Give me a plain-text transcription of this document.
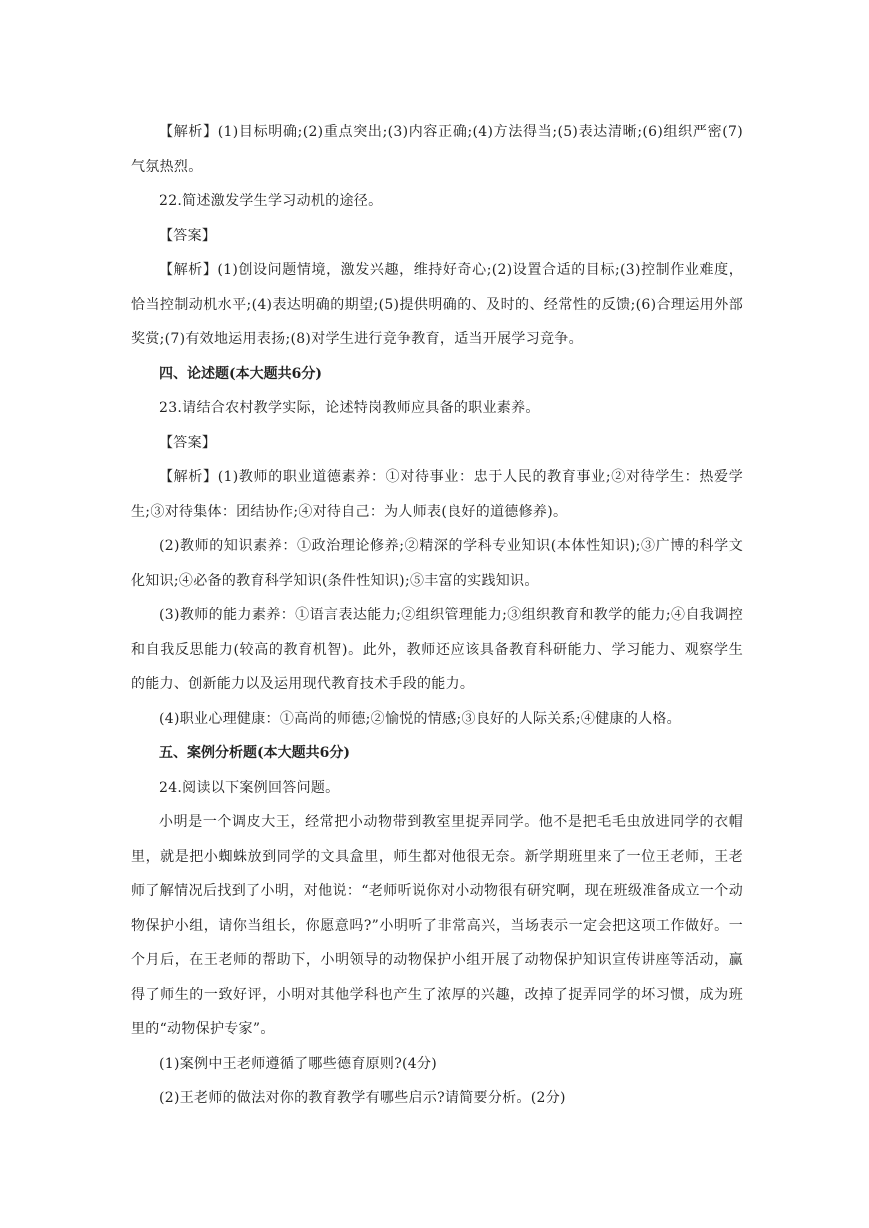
【解析】(1)目标明确;(2)重点突出;(3)内容正确;(4)方法得当;(5)表达清晰;(6)组织严密(7)气氛热烈。

22.简述激发学生学习动机的途径。

【答案】

【解析】(1)创设问题情境，激发兴趣，维持好奇心;(2)设置合适的目标;(3)控制作业难度，恰当控制动机水平;(4)表达明确的期望;(5)提供明确的、及时的、经常性的反馈;(6)合理运用外部奖赏;(7)有效地运用表扬;(8)对学生进行竞争教育，适当开展学习竞争。

四、论述题(本大题共6分)

23.请结合农村教学实际，论述特岗教师应具备的职业素养。

【答案】

【解析】(1)教师的职业道德素养：①对待事业：忠于人民的教育事业;②对待学生：热爱学生;③对待集体：团结协作;④对待自己：为人师表(良好的道德修养)。

(2)教师的知识素养：①政治理论修养;②精深的学科专业知识(本体性知识);③广博的科学文化知识;④必备的教育科学知识(条件性知识);⑤丰富的实践知识。

(3)教师的能力素养：①语言表达能力;②组织管理能力;③组织教育和教学的能力;④自我调控和自我反思能力(较高的教育机智)。此外，教师还应该具备教育科研能力、学习能力、观察学生的能力、创新能力以及运用现代教育技术手段的能力。

(4)职业心理健康：①高尚的师德;②愉悦的情感;③良好的人际关系;④健康的人格。

五、案例分析题(本大题共6分)

24.阅读以下案例回答问题。

小明是一个调皮大王，经常把小动物带到教室里捉弄同学。他不是把毛毛虫放进同学的衣帽里，就是把小蜘蛛放到同学的文具盒里，师生都对他很无奈。新学期班里来了一位王老师，王老师了解情况后找到了小明，对他说：“老师听说你对小动物很有研究啊，现在班级准备成立一个动物保护小组，请你当组长，你愿意吗?”小明听了非常高兴，当场表示一定会把这项工作做好。一个月后，在王老师的帮助下，小明领导的动物保护小组开展了动物保护知识宣传讲座等活动，赢得了师生的一致好评，小明对其他学科也产生了浓厚的兴趣，改掉了捉弄同学的坏习惯，成为班里的“动物保护专家”。

(1)案例中王老师遵循了哪些德育原则?(4分)

(2)王老师的做法对你的教育教学有哪些启示?请简要分析。(2分)
